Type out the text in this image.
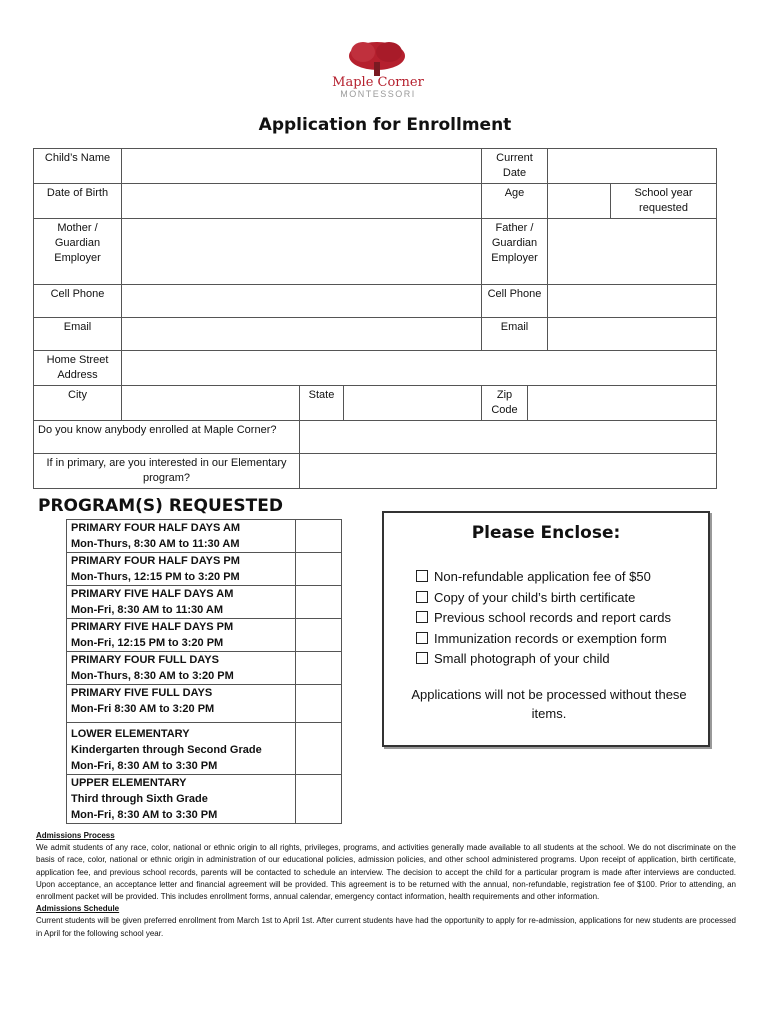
Maple Corner
MONTESSORI
Application for Enrollment
Child’s Name				Current Date			
Date of Birth				Age			School year requested
Mother / Guardian Employer				Father / Guardian Employer			
Cell Phone				Cell Phone			
Email				Email			
Home Street Address							
City		State		Zip Code			
Do you know anybody enrolled at Maple Corner?							
If in primary, are you interested in our Elementary program?							
PROGRAM(S) REQUESTED
PRIMARY FOUR HALF DAYS AM
Mon-Thurs, 8:30 AM to 11:30 AM	

PRIMARY FOUR HALF DAYS PM
Mon-Thurs, 12:15 PM to 3:20 PM	

PRIMARY FIVE HALF DAYS AM
Mon-Fri, 8:30 AM to 11:30 AM	

PRIMARY FIVE HALF DAYS PM
Mon-Fri, 12:15 PM to 3:20 PM	

PRIMARY FOUR FULL DAYS
Mon-Thurs, 8:30 AM to 3:20 PM	

PRIMARY FIVE FULL DAYS
Mon-Fri 8:30 AM to 3:20 PM	

LOWER ELEMENTARY
Kindergarten through Second Grade
Mon-Fri, 8:30 AM to 3:30 PM	

UPPER ELEMENTARY
Third through Sixth Grade
Mon-Fri, 8:30 AM to 3:30 PM	

Please Enclose:
Non-refundable application fee of $50
Copy of your child’s birth certificate
Previous school records and report cards
Immunization records or exemption form
Small photograph of your child
Applications will not be processed without these items.

Admissions Process

We admit students of any race, color, national or ethnic origin to all rights, privileges, programs, and activities generally made available to all students at the school. We do not discriminate on the basis of race, color, national or ethnic origin in administration of our educational policies, admission policies, and other school administered programs. Upon receipt of application, birth certificate, application fee, and previous school records, parents will be contacted to schedule an interview. The decision to accept the child for a particular program is made after interviews are conducted. Upon acceptance, an acceptance letter and financial agreement will be provided. This agreement is to be returned with the annual, non-refundable, registration fee of $100. Prior to attending, an enrollment packet will be provided. This includes enrollment forms, annual calendar, emergency contact information, health requirements and other information.

Admissions Schedule

Current students will be given preferred enrollment from March 1st to April 1st. After current students have had the opportunity to apply for re-admission, applications for new students are processed in April for the following school year.
